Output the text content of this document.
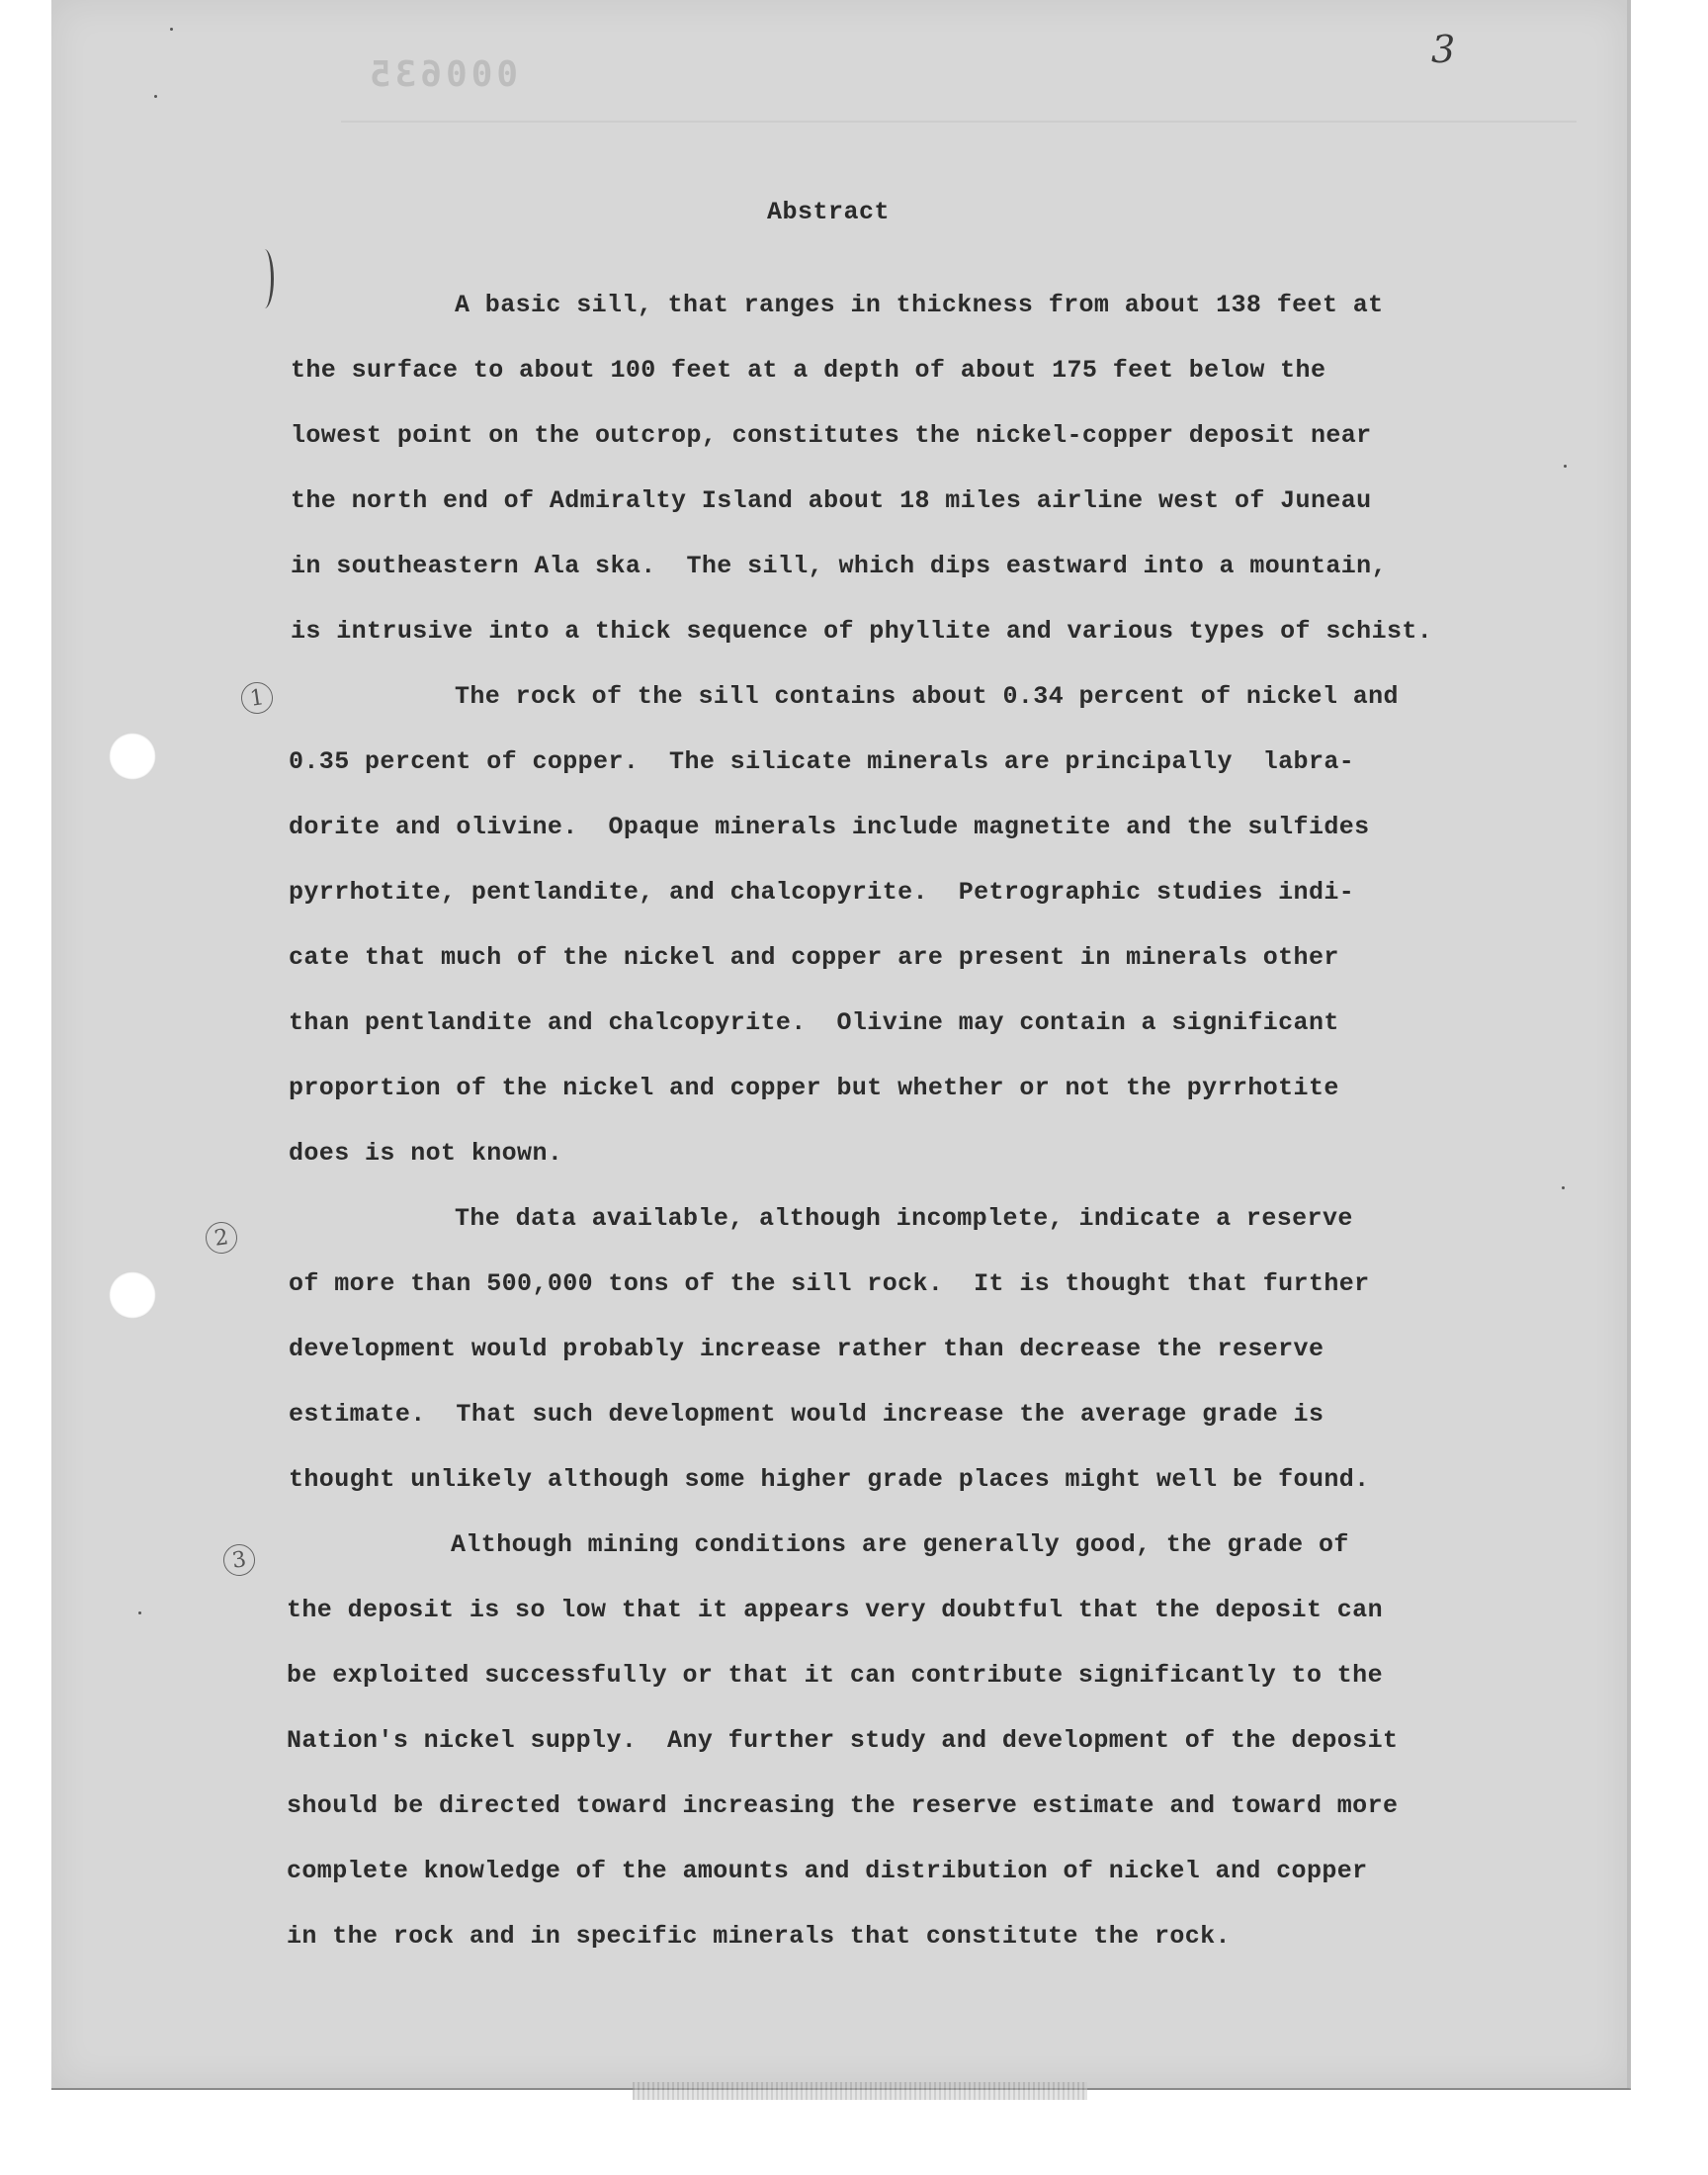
000635
3
Abstract
1
2
3
A basic sill, that ranges in thickness from about 138 feet at
the surface to about 100 feet at a depth of about 175 feet below the
lowest point on the outcrop, constitutes the nickel-copper deposit near
the north end of Admiralty Island about 18 miles airline west of Juneau
in southeastern Ala ska.  The sill, which dips eastward into a mountain,
is intrusive into a thick sequence of phyllite and various types of schist.
The rock of the sill contains about 0.34 percent of nickel and
0.35 percent of copper.  The silicate minerals are principally  labra-
dorite and olivine.  Opaque minerals include magnetite and the sulfides
pyrrhotite, pentlandite, and chalcopyrite.  Petrographic studies indi-
cate that much of the nickel and copper are present in minerals other
than pentlandite and chalcopyrite.  Olivine may contain a significant
proportion of the nickel and copper but whether or not the pyrrhotite
does is not known.
The data available, although incomplete, indicate a reserve
of more than 500,000 tons of the sill rock.  It is thought that further
development would probably increase rather than decrease the reserve
estimate.  That such development would increase the average grade is
thought unlikely although some higher grade places might well be found.
Although mining conditions are generally good, the grade of
the deposit is so low that it appears very doubtful that the deposit can
be exploited successfully or that it can contribute significantly to the
Nation's nickel supply.  Any further study and development of the deposit
should be directed toward increasing the reserve estimate and toward more
complete knowledge of the amounts and distribution of nickel and copper
in the rock and in specific minerals that constitute the rock.
